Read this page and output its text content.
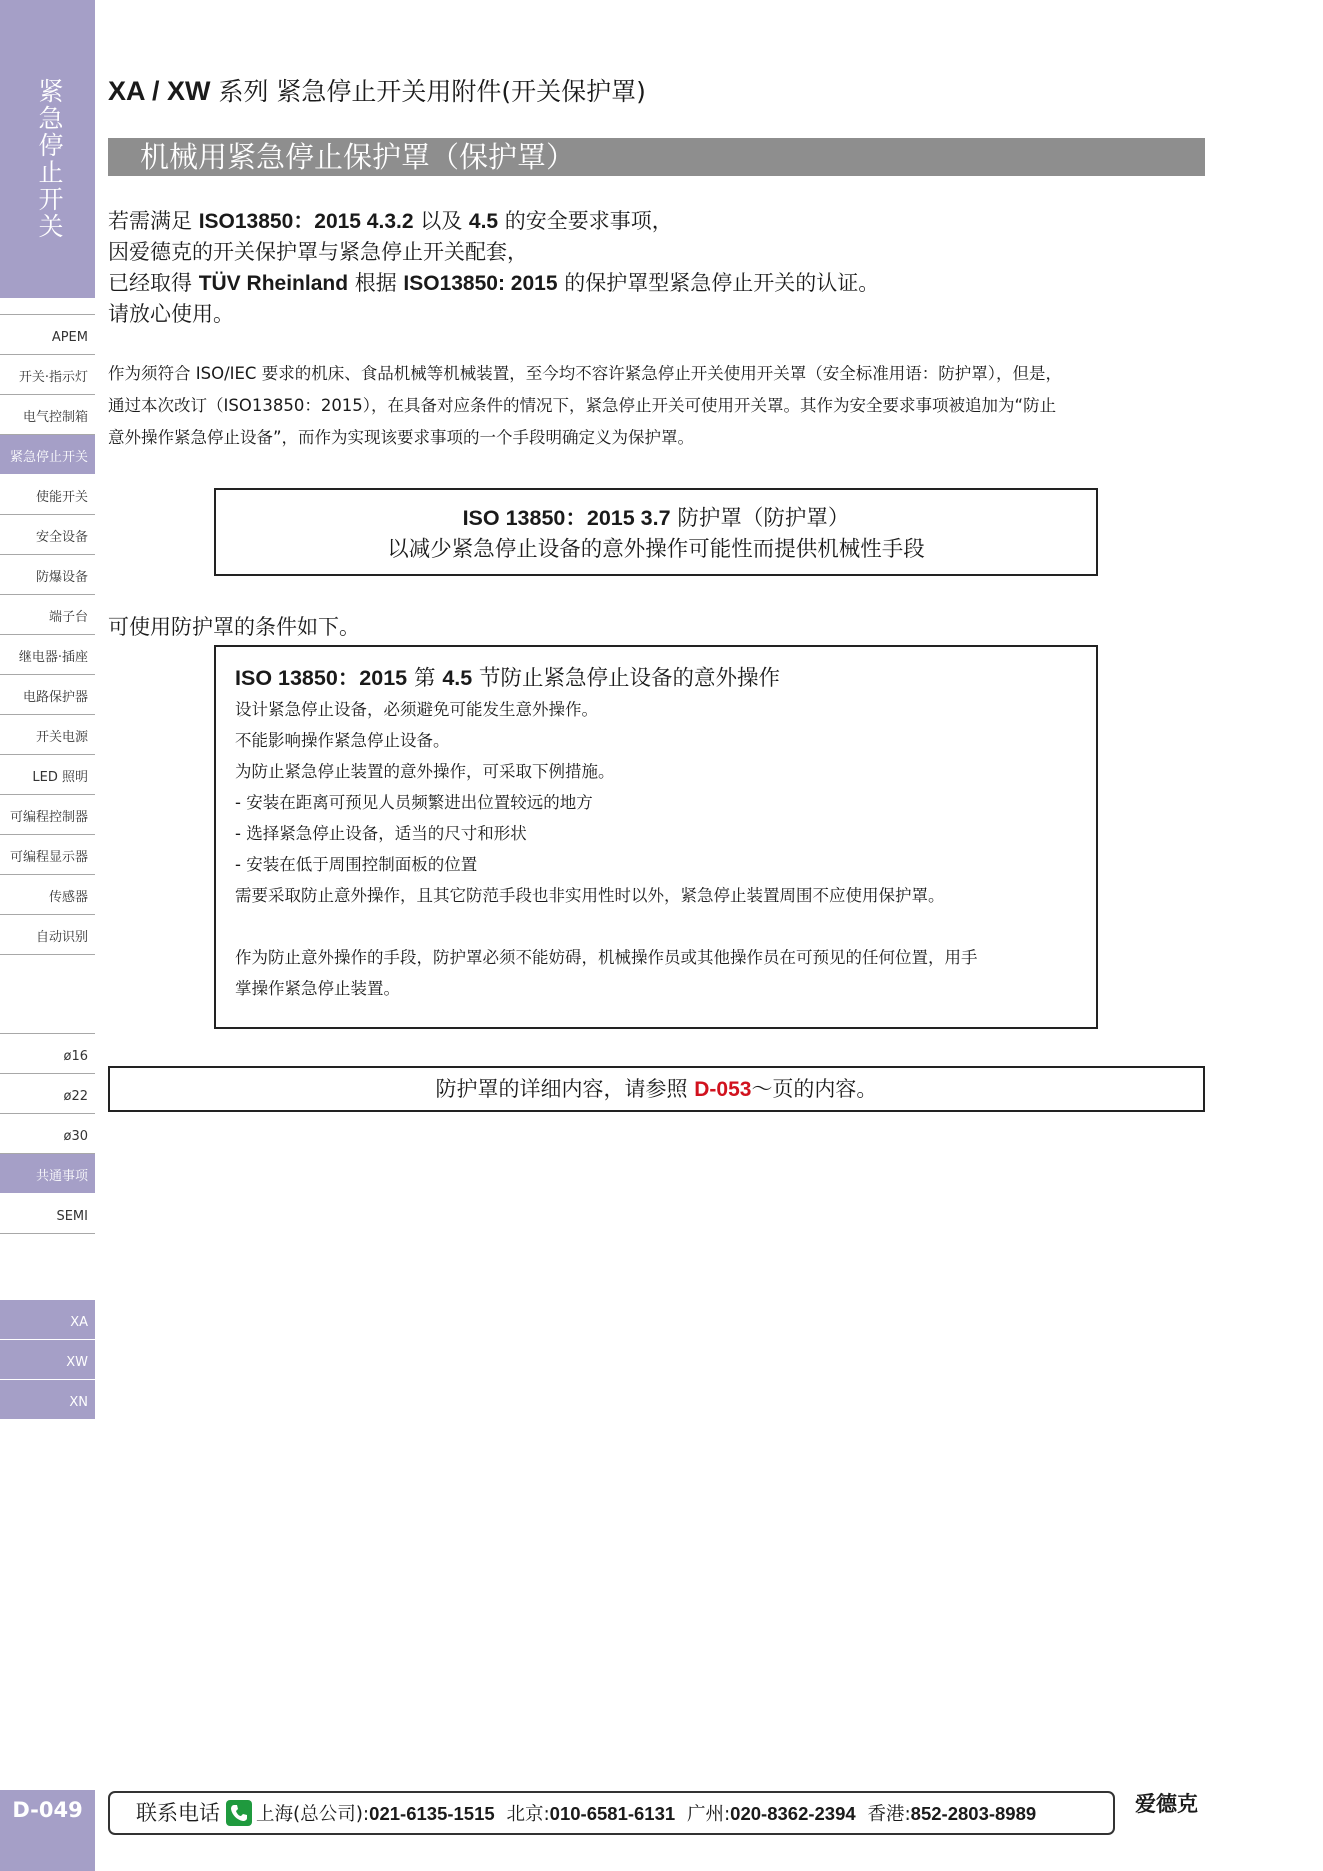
紧急停止开关
APEM
开关·指示灯
电气控制箱
紧急停止开关
使能开关
安全设备
防爆设备
端子台
继电器·插座
电路保护器
开关电源
LED 照明
可编程控制器
可编程显示器
传感器
自动识别
ø16
ø22
ø30
共通事项
SEMI
XA
XW
XN
D-049
XA / XW 系列 紧急停止开关用附件(开关保护罩)
机械用紧急停止保护罩（保护罩）

若需满足 ISO13850：2015 4.3.2 以及 4.5 的安全要求事项，

因爱德克的开关保护罩与紧急停止开关配套，

已经取得 TÜV Rheinland 根据 ISO13850: 2015 的保护罩型紧急停止开关的认证。

请放心使用。

作为须符合 ISO/IEC 要求的机床、食品机械等机械装置，至今均不容许紧急停止开关使用开关罩（安全标准用语：防护罩），但是，

通过本次改订（ISO13850：2015），在具备对应条件的情况下，紧急停止开关可使用开关罩。其作为安全要求事项被追加为“防止

意外操作紧急停止设备”，而作为实现该要求事项的一个手段明确定义为保护罩。

ISO 13850：2015 3.7 防护罩（防护罩）
以减少紧急停止设备的意外操作可能性而提供机械性手段
可使用防护罩的条件如下。
ISO 13850：2015 第 4.5 节防止紧急停止设备的意外操作
设计紧急停止设备，必须避免可能发生意外操作。
不能影响操作紧急停止设备。
为防止紧急停止装置的意外操作，可采取下例措施。
- 安装在距离可预见人员频繁进出位置较远的地方
- 选择紧急停止设备，适当的尺寸和形状
- 安装在低于周围控制面板的位置
需要采取防止意外操作，且其它防范手段也非实用性时以外，紧急停止装置周围不应使用保护罩。
作为防止意外操作的手段，防护罩必须不能妨碍，机械操作员或其他操作员在可预见的任何位置，用手
掌操作紧急停止装置。
防护罩的详细内容，请参照 D-053～页的内容。
联系电话 上海(总公司):021-6135-1515 北京:010-6581-6131 广州:020-8362-2394 香港:852-2803-8989	爱德克
